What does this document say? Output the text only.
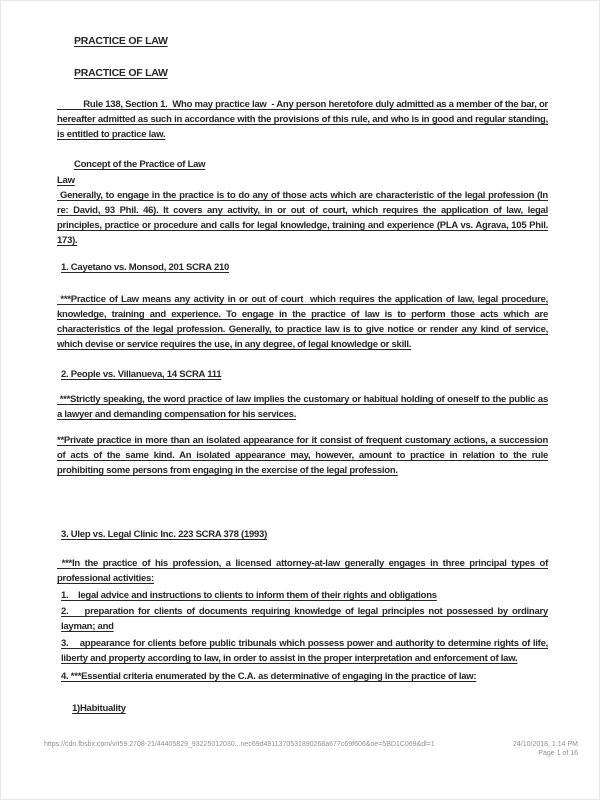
PRACTICE OF LAW
PRACTICE OF LAW

Rule 138, Section 1.  Who may practice law  - Any person heretofore duly admitted as a member of the bar, or hereafter admitted as such in accordance with the provisions of this rule, and who is in good and regular standing, is entitled to practice law.

Concept of the Practice of Law
Law

Generally, to engage in the practice is to do any of those acts which are characteristic of the legal profession (In re: David, 93 Phil. 46). It covers any activity, in or out of court, which requires the application of law, legal principles, practice or procedure and calls for legal knowledge, training and experience (PLA vs. Agrava, 105 Phil. 173).

1. Cayetano vs. Monsod, 201 SCRA 210

***Practice of Law means any activity in or out of court  which requires the application of law, legal procedure, knowledge, training and experience. To engage in the practice of law is to perform those acts which are characteristics of the legal profession. Generally, to practice law is to give notice or render any kind of service, which devise or service requires the use, in any degree, of legal knowledge or skill.

2. People vs. Villanueva, 14 SCRA 111

***Strictly speaking, the word practice of law implies the customary or habitual holding of oneself to the public as a lawyer and demanding compensation for his services.

**Private practice in more than an isolated appearance for it consist of frequent customary actions, a succession of acts of the same kind. An isolated appearance may, however, amount to practice in relation to the rule prohibiting some persons from engaging in the exercise of the legal profession.

3. Ulep vs. Legal Clinic Inc. 223 SCRA 378 (1993)

***In the practice of his profession, a licensed attorney-at-law generally engages in three principal types of professional activities:

1.    legal advice and instructions to clients to inform them of their rights and obligations

2.    preparation for clients of documents requiring knowledge of legal principles not possessed by ordinary layman; and

3.    appearance for clients before public tribunals which possess power and authority to determine rights of life, liberty and property according to law, in order to assist in the proper interpretation and enforcement of law.

4. ***Essential criteria enumerated by the C.A. as determinative of engaging in the practice of law:
1)Habituality
https://cdn.fbsbx.com/v/t59.2708-21/44405829_93225012030...nec69d4911370531890268a677c69f606&oe=5BD1C069&dl=1	24/10/2018, 1:14 PM
Page 1 of 16
